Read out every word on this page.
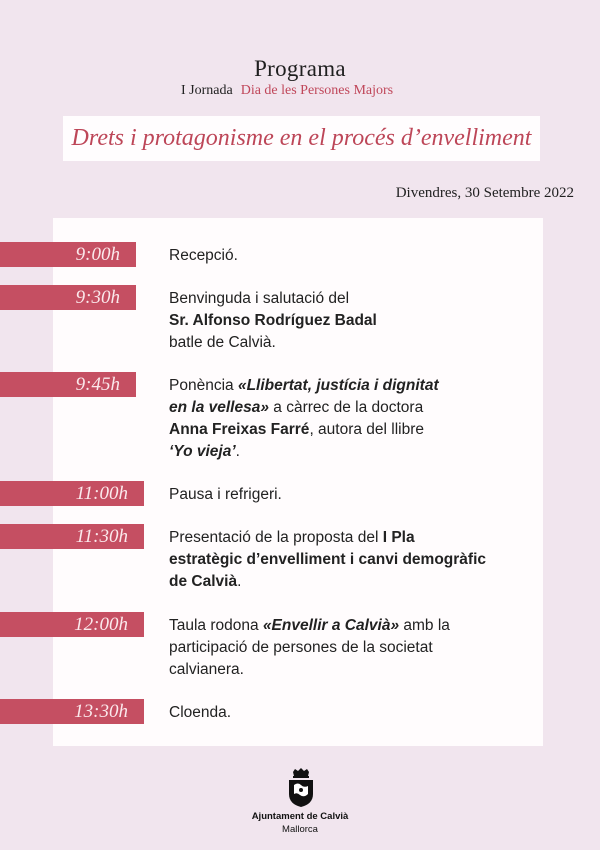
Programa
I Jornada Dia de les Persones Majors
Drets i protagonisme en el procés d’envelliment
Divendres, 30 Setembre 2022
9:00h
9:30h
9:45h
11:00h
11:30h
12:00h
13:30h
Recepció.
Benvinguda i salutació del
Sr. Alfonso Rodríguez Badal
batle de Calvià.
Ponència «Llibertat, justícia i dignitat
en la vellesa» a càrrec de la doctora
Anna Freixas Farré, autora del llibre
‘Yo vieja’.
Pausa i refrigeri.
Presentació de la proposta del I Pla
estratègic d’envelliment i canvi demogràfic
de Calvià.
Taula rodona «Envellir a Calvià» amb la
participació de persones de la societat
calvianera.
Cloenda.
Ajuntament de Calvià
Mallorca
